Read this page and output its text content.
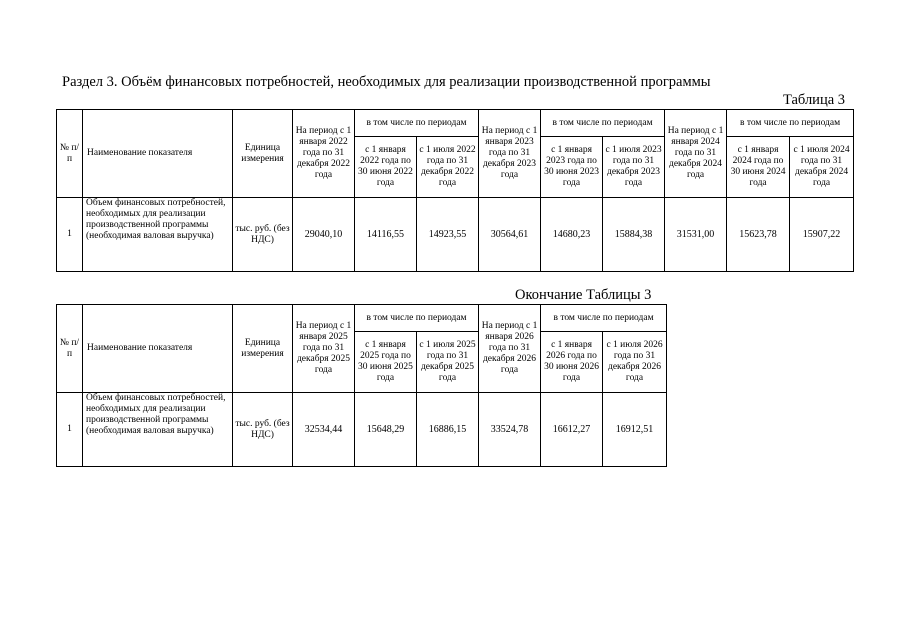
Раздел 3. Объём финансовых потребностей, необходимых для реализации производственной программы
Таблица 3
№ п/п	Наименование показателя	Единица измерения	На период с 1 января 2022 года по 31 декабря 2022 года	в том числе по периодам		На период с 1 января 2023 года по 31 декабря 2023 года	в том числе по периодам		На период с 1 января 2024 года по 31 декабря 2024 года	в том числе по периодам	
				с 1 января 2022 года по 30 июня 2022 года	с 1 июля 2022 года по 31 декабря 2022 года		с 1 января 2023 года по 30 июня 2023 года	с 1 июля 2023 года по 31 декабря 2023 года		с 1 января 2024 года по 30 июня 2024 года	с 1 июля 2024 года по 31 декабря 2024 года
1	Объем финансовых потребностей, необходимых для реализации производственной программы (необходимая валовая выручка)	тыс. руб. (без НДС)	29040,10	14116,55	14923,55	30564,61	14680,23	15884,38	31531,00	15623,78	15907,22
Окончание Таблицы 3
№ п/п	Наименование показателя	Единица измерения	На период с 1 января 2025 года по 31 декабря 2025 года	в том числе по периодам		На период с 1 января 2026 года по 31 декабря 2026 года	в том числе по периодам	
				с 1 января 2025 года по 30 июня 2025 года	с 1 июля 2025 года по 31 декабря 2025 года		с 1 января 2026 года по 30 июня 2026 года	с 1 июля 2026 года по 31 декабря 2026 года
1	Объем финансовых потребностей, необходимых для реализации производственной программы (необходимая валовая выручка)	тыс. руб. (без НДС)	32534,44	15648,29	16886,15	33524,78	16612,27	16912,51
